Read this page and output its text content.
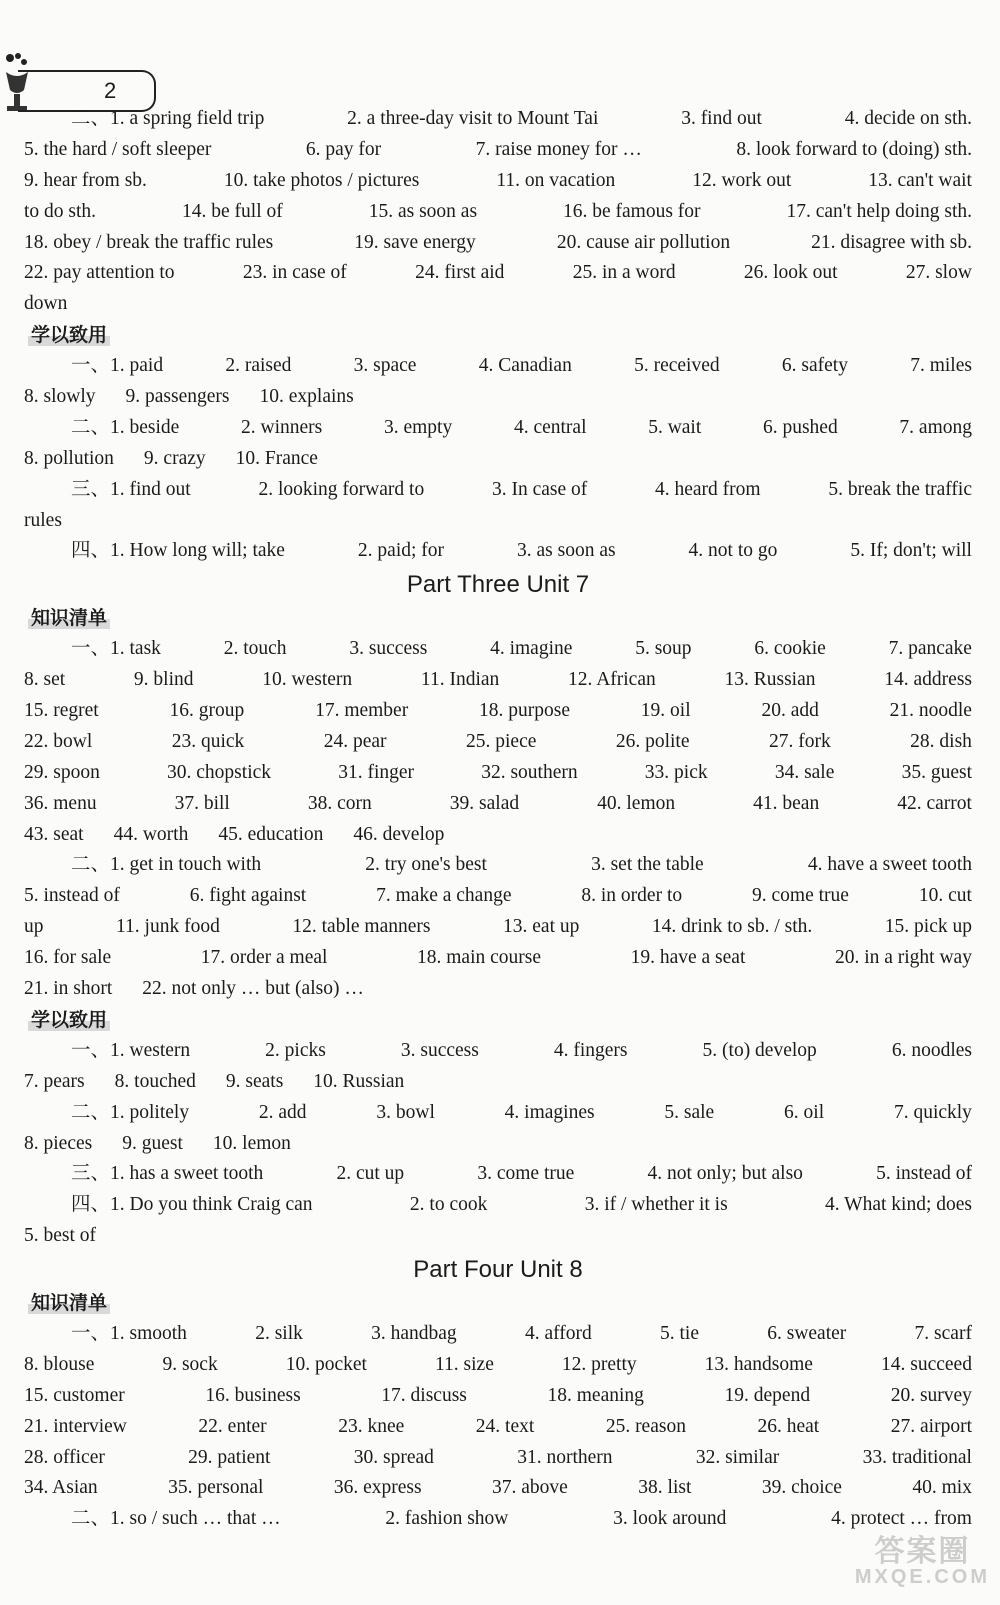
2
二、1. a spring field trip	2. a three-day visit to Mount Tai	3. find out	4. decide on sth.
5. the hard / soft sleeper	6. pay for	7. raise money for …	8. look forward to (doing) sth.
9. hear from sb.	10. take photos / pictures	11. on vacation	12. work out	13. can't wait
to do sth.	14. be full of	15. as soon as	16. be famous for	17. can't help doing sth.
18. obey / break the traffic rules	19. save energy	20. cause air pollution	21. disagree with sb.
22. pay attention to	23. in case of	24. first aid	25. in a word	26. look out	27. slow
down
学以致用
一、1. paid	2. raised	3. space	4. Canadian	5. received	6. safety	7. miles
8. slowly 9. passengers 10. explains
二、1. beside	2. winners	3. empty	4. central	5. wait	6. pushed	7. among
8. pollution 9. crazy 10. France
三、1. find out	2. looking forward to	3. In case of	4. heard from	5. break the traffic
rules
四、1. How long will; take	2. paid; for	3. as soon as	4. not to go	5. If; don't; will
Part Three Unit 7
知识清单
一、1. task	2. touch	3. success	4. imagine	5. soup	6. cookie	7. pancake
8. set	9. blind	10. western	11. Indian	12. African	13. Russian	14. address
15. regret	16. group	17. member	18. purpose	19. oil	20. add	21. noodle
22. bowl	23. quick	24. pear	25. piece	26. polite	27. fork	28. dish
29. spoon	30. chopstick	31. finger	32. southern	33. pick	34. sale	35. guest
36. menu	37. bill	38. corn	39. salad	40. lemon	41. bean	42. carrot
43. seat 44. worth 45. education 46. develop
二、1. get in touch with	2. try one's best	3. set the table	4. have a sweet tooth
5. instead of	6. fight against	7. make a change	8. in order to	9. come true	10. cut
up	11. junk food	12. table manners	13. eat up	14. drink to sb. / sth.	15. pick up
16. for sale	17. order a meal	18. main course	19. have a seat	20. in a right way
21. in short 22. not only … but (also) …
学以致用
一、1. western	2. picks	3. success	4. fingers	5. (to) develop	6. noodles
7. pears 8. touched 9. seats 10. Russian
二、1. politely	2. add	3. bowl	4. imagines	5. sale	6. oil	7. quickly
8. pieces 9. guest 10. lemon
三、1. has a sweet tooth	2. cut up	3. come true	4. not only; but also	5. instead of
四、1. Do you think Craig can	2. to cook	3. if / whether it is	4. What kind; does
5. best of
Part Four Unit 8
知识清单
一、1. smooth	2. silk	3. handbag	4. afford	5. tie	6. sweater	7. scarf
8. blouse	9. sock	10. pocket	11. size	12. pretty	13. handsome	14. succeed
15. customer	16. business	17. discuss	18. meaning	19. depend	20. survey
21. interview	22. enter	23. knee	24. text	25. reason	26. heat	27. airport
28. officer	29. patient	30. spread	31. northern	32. similar	33. traditional
34. Asian	35. personal	36. express	37. above	38. list	39. choice	40. mix
二、1. so / such … that …	2. fashion show	3. look around	4. protect … from
答案圈
MXQE.COM
